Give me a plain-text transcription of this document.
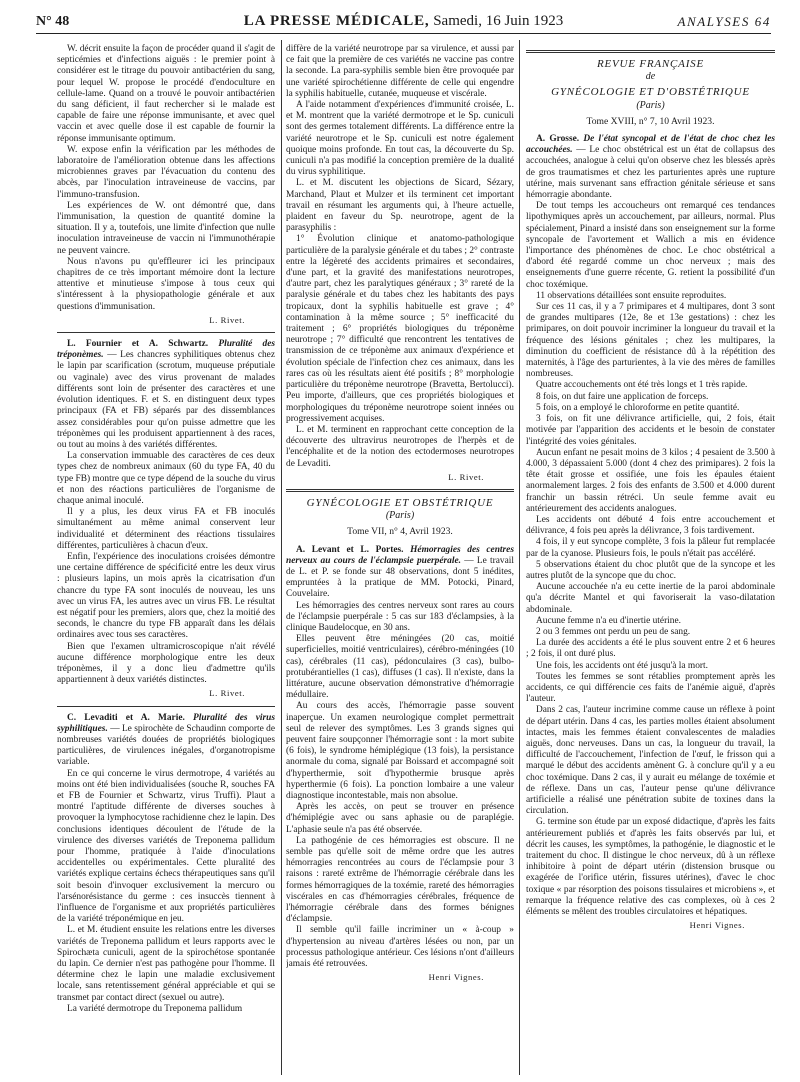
N° 48	LA PRESSE MÉDICALE, Samedi, 16 Juin 1923	ANALYSES 64

W. décrit ensuite la façon de procéder quand il s'agit de septicémies et d'infections aiguës : le premier point à considérer est le titrage du pouvoir antibactérien du sang, pour lequel W. propose le procédé d'endoculture en cellule-lame. Quand on a trouvé le pouvoir antibactérien du sang déficient, il faut rechercher si le malade est capable de faire une réponse immunisante, et avec quel vaccin et avec quelle dose il est capable de fournir la réponse immunisante optimum.

W. expose enfin la vérification par les méthodes de laboratoire de l'amélioration obtenue dans les affections microbiennes graves par l'évacuation du contenu des abcès, par l'inoculation intraveineuse de vaccins, par l'immuno-transfusion.

Les expériences de W. ont démontré que, dans l'immunisation, la question de quantité domine la situation. Il y a, toutefois, une limite d'infection que nulle inoculation intraveineuse de vaccin ni l'immunothérapie ne peuvent vaincre.

Nous n'avons pu qu'effleurer ici les principaux chapitres de ce très important mémoire dont la lecture attentive et minutieuse s'impose à tous ceux qui s'intéressent à la physiopathologie générale et aux questions d'immunisation.

L. Rivet.

L. Fournier et A. Schwartz. Pluralité des tréponèmes. — Les chancres syphilitiques obtenus chez le lapin par scarification (scrotum, muqueuse préputiale ou vaginale) avec des virus provenant de malades différents sont loin de présenter des caractères et une évolution identiques. F. et S. en distinguent deux types principaux (FA et FB) séparés par des dissemblances assez considérables pour qu'on puisse admettre que les tréponèmes qui les produisent appartiennent à des races, ou tout au moins à des variétés différentes.

La conservation immuable des caractères de ces deux types chez de nombreux animaux (60 du type FA, 40 du type FB) montre que ce type dépend de la souche du virus et non des réactions particulières de l'organisme de chaque animal inoculé.

Il y a plus, les deux virus FA et FB inoculés simultanément au même animal conservent leur individualité et déterminent des réactions tissulaires différentes, particulières à chacun d'eux.

Enfin, l'expérience des inoculations croisées démontre une certaine différence de spécificité entre les deux virus : plusieurs lapins, un mois après la cicatrisation d'un chancre du type FA sont inoculés de nouveau, les uns avec un virus FA, les autres avec un virus FB. Le résultat est négatif pour les premiers, alors que, chez la moitié des seconds, le chancre du type FB apparaît dans les délais ordinaires avec tous ses caractères.

Bien que l'examen ultramicroscopique n'ait révélé aucune différence morphologique entre les deux tréponèmes, il y a donc lieu d'admettre qu'ils appartiennent à deux variétés distinctes.

L. Rivet.

C. Levaditi et A. Marie. Pluralité des virus syphilitiques. — Le spirochète de Schaudinn comporte de nombreuses variétés douées de propriétés biologiques particulières, de virulences inégales, d'organotropisme variable.

En ce qui concerne le virus dermotrope, 4 variétés au moins ont été bien individualisées (souche R, souches FA et FB de Fournier et Schwartz, virus Truffi). Plaut a montré l'aptitude différente de diverses souches à provoquer la lymphocytose rachidienne chez le lapin. Des conclusions identiques découlent de l'étude de la virulence des diverses variétés de Treponema pallidum pour l'homme, pratiquée à l'aide d'inoculations accidentelles ou expérimentales. Cette pluralité des variétés explique certains échecs thérapeutiques sans qu'il soit besoin d'invoquer exclusivement la mercuro ou l'arsénorésistance du germe : ces insuccès tiennent à l'influence de l'organisme et aux propriétés particulières de la variété tréponémique en jeu.

L. et M. étudient ensuite les relations entre les diverses variétés de Treponema pallidum et leurs rapports avec le Spirochæta cuniculi, agent de la spirochétose spontanée du lapin. Ce dernier n'est pas pathogène pour l'homme. Il détermine chez le lapin une maladie exclusivement locale, sans retentissement général appréciable et qui se transmet par contact direct (sexuel ou autre).

La variété dermotrope du Treponema pallidum

diffère de la variété neurotrope par sa virulence, et aussi par ce fait que la première de ces variétés ne vaccine pas contre la seconde. La para-syphilis semble bien être provoquée par une variété spirochétienne différente de celle qui engendre la syphilis habituelle, cutanée, muqueuse et viscérale.

A l'aide notamment d'expériences d'immunité croisée, L. et M. montrent que la variété dermotrope et le Sp. cuniculi sont des germes totalement différents. La différence entre la variété neurotrope et le Sp. cuniculi est notre également quoique moins profonde. En tout cas, la découverte du Sp. cuniculi n'a pas modifié la conception première de la dualité du virus syphilitique.

L. et M. discutent les objections de Sicard, Sézary, Marchand, Plaut et Mulzer et ils terminent cet important travail en résumant les arguments qui, à l'heure actuelle, plaident en faveur du Sp. neurotrope, agent de la parasyphilis :

1° Évolution clinique et anatomo-pathologique particulière de la paralysie générale et du tabes ; 2° contraste entre la légèreté des accidents primaires et secondaires, d'une part, et la gravité des manifestations neurotropes, d'autre part, chez les paralytiques généraux ; 3° rareté de la paralysie générale et du tabes chez les habitants des pays tropicaux, dont la syphilis habituelle est grave ; 4° contamination à la même source ; 5° inefficacité du traitement ; 6° propriétés biologiques du tréponème neurotrope ; 7° difficulté que rencontrent les tentatives de transmission de ce tréponème aux animaux d'expérience et évolution spéciale de l'infection chez ces animaux, dans les rares cas où les résultats aient été positifs ; 8° morphologie particulière du tréponème neurotrope (Bravetta, Bertolucci). Peu importe, d'ailleurs, que ces propriétés biologiques et morphologiques du tréponème neurotrope soient innées ou progressivement acquises.

L. et M. terminent en rapprochant cette conception de la découverte des ultravirus neurotropes de l'herpès et de l'encéphalite et de la notion des ectodermoses neurotropes de Levaditi.

L. Rivet.
GYNÉCOLOGIE ET OBSTÉTRIQUE
(Paris)
Tome VII, n° 4, Avril 1923.

A. Levant et L. Portes. Hémorragies des centres nerveux au cours de l'éclampsie puerpérale. — Le travail de L. et P. se fonde sur 48 observations, dont 5 inédites, empruntées à la pratique de MM. Potocki, Pinard, Couvelaire.

Les hémorragies des centres nerveux sont rares au cours de l'éclampsie puerpérale : 5 cas sur 183 d'éclampsies, à la clinique Baudelocque, en 30 ans.

Elles peuvent être méningées (20 cas, moitié superficielles, moitié ventriculaires), cérébro-méningées (10 cas), cérébrales (11 cas), pédonculaires (3 cas), bulbo-protubérantielles (1 cas), diffuses (1 cas). Il n'existe, dans la littérature, aucune observation démonstrative d'hémorragie médullaire.

Au cours des accès, l'hémorragie passe souvent inaperçue. Un examen neurologique complet permettrait seul de relever des symptômes. Les 3 grands signes qui peuvent faire soupçonner l'hémorragie sont : la mort subite (6 fois), le syndrome hémiplégique (13 fois), la persistance anormale du coma, signalé par Boissard et accompagné soit d'hyperthermie, soit d'hypothermie brusque après hyperthermie (6 fois). La ponction lombaire a une valeur diagnostique incontestable, mais non absolue.

Après les accès, on peut se trouver en présence d'hémiplégie avec ou sans aphasie ou de paraplégie. L'aphasie seule n'a pas été observée.

La pathogénie de ces hémorragies est obscure. Il ne semble pas qu'elle soit de même ordre que les autres hémorragies rencontrées au cours de l'éclampsie pour 3 raisons : rareté extrême de l'hémorragie cérébrale dans les formes hémorragiques de la toxémie, rareté des hémorragies viscérales en cas d'hémorragies cérébrales, fréquence de l'hémorragie cérébrale dans des formes bénignes d'éclampsie.

Il semble qu'il faille incriminer un « à-coup » d'hypertension au niveau d'artères lésées ou non, par un processus pathologique antérieur. Ces lésions n'ont d'ailleurs jamais été retrouvées.

Henri Vignes.
REVUE FRANÇAISE
de
GYNÉCOLOGIE ET D'OBSTÉTRIQUE
(Paris)
Tome XVIII, n° 7, 10 Avril 1923.

A. Grosse. De l'état syncopal et de l'état de choc chez les accouchées. — Le choc obstétrical est un état de collapsus des accouchées, analogue à celui qu'on observe chez les blessés après de gros traumatismes et chez les parturientes après une rupture utérine, mais survenant sans effraction génitale sérieuse et sans hémorragie abondante.

De tout temps les accoucheurs ont remarqué ces tendances lipothymiques après un accouchement, par ailleurs, normal. Plus spécialement, Pinard a insisté dans son enseignement sur la forme syncopale de l'avortement et Wallich a mis en évidence l'importance des phénomènes de choc. Le choc obstétrical a d'abord été regardé comme un choc nerveux ; mais des enseignements d'une guerre récente, G. retient la possibilité d'un choc toxémique.

11 observations détaillées sont ensuite reproduites.

Sur ces 11 cas, il y a 7 primipares et 4 multipares, dont 3 sont de grandes multipares (12e, 8e et 13e gestations) : chez les primipares, on doit pouvoir incriminer la longueur du travail et la fréquence des lésions génitales ; chez les multipares, la diminution du coefficient de résistance dû à la répétition des maternités, à l'âge des parturientes, à la vie des mères de familles nombreuses.

Quatre accouchements ont été très longs et 1 très rapide.

8 fois, on dut faire une application de forceps.

5 fois, on a employé le chloroforme en petite quantité.

3 fois, on fit une délivrance artificielle, qui, 2 fois, était motivée par l'apparition des accidents et le besoin de constater l'intégrité des voies génitales.

Aucun enfant ne pesait moins de 3 kilos ; 4 pesaient de 3.500 à 4.000, 3 dépassaient 5.000 (dont 4 chez des primipares). 2 fois la tête était grosse et ossifiée, une fois les épaules étaient anormalement larges. 2 fois des enfants de 3.500 et 4.000 durent franchir un bassin rétréci. Un seule femme avait eu antérieurement des accidents analogues.

Les accidents ont débuté 4 fois entre accouchement et délivrance, 4 fois peu après la délivrance, 3 fois tardivement.

4 fois, il y eut syncope complète, 3 fois la pâleur fut remplacée par de la cyanose. Plusieurs fois, le pouls n'était pas accéléré.

5 observations étaient du choc plutôt que de la syncope et les autres plutôt de la syncope que du choc.

Aucune accouchée n'a eu cette inertie de la paroi abdominale qu'a décrite Mantel et qui favoriserait la vaso-dilatation abdominale.

Aucune femme n'a eu d'inertie utérine.

2 ou 3 femmes ont perdu un peu de sang.

La durée des accidents a été le plus souvent entre 2 et 6 heures ; 2 fois, il ont duré plus.

Une fois, les accidents ont été jusqu'à la mort.

Toutes les femmes se sont rétablies promptement après les accidents, ce qui différencie ces faits de l'anémie aiguë, d'après l'auteur.

Dans 2 cas, l'auteur incrimine comme cause un réflexe à point de départ utérin. Dans 4 cas, les parties molles étaient absolument intactes, mais les femmes étaient convalescentes de maladies aiguës, donc nerveuses. Dans un cas, la longueur du travail, la difficulté de l'accouchement, l'infection de l'œuf, le frisson qui a marqué le début des accidents amènent G. à conclure qu'il y a eu choc toxémique. Dans 2 cas, il y aurait eu mélange de toxémie et de réflexe. Dans un cas, l'auteur pense qu'une délivrance artificielle a réalisé une pénétration subite de toxines dans la circulation.

G. termine son étude par un exposé didactique, d'après les faits antérieurement publiés et d'après les faits observés par lui, et décrit les causes, les symptômes, la pathogénie, le diagnostic et le traitement du choc. Il distingue le choc nerveux, dû à un réflexe inhibitoire à point de départ utérin (distension brusque ou exagérée de l'orifice utérin, fissures utérines), d'avec le choc toxique « par résorption des poisons tissulaires et microbiens », et remarque la fréquence relative des cas complexes, où à ces 2 éléments se mêlent des troubles circulatoires et hépatiques.

Henri Vignes.
